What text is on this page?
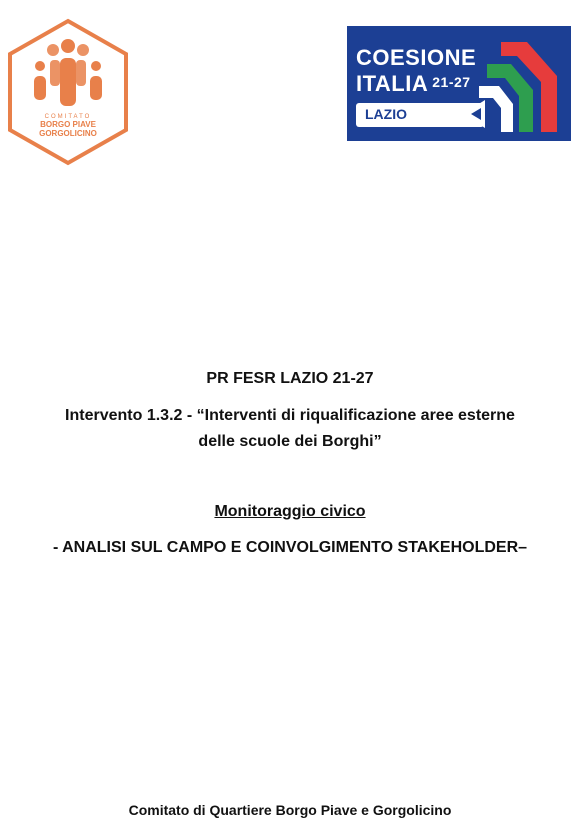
COMITATO
BORGO PIAVE
GORGOLICINO
COESIONE
ITALIA 21-27
LAZIO
PR FESR LAZIO 21-27
Intervento 1.3.2 - “Interventi di riqualificazione aree esterne
delle scuole dei Borghi”
Monitoraggio civico
- ANALISI SUL CAMPO E COINVOLGIMENTO STAKEHOLDER–
Comitato di Quartiere Borgo Piave e Gorgolicino
